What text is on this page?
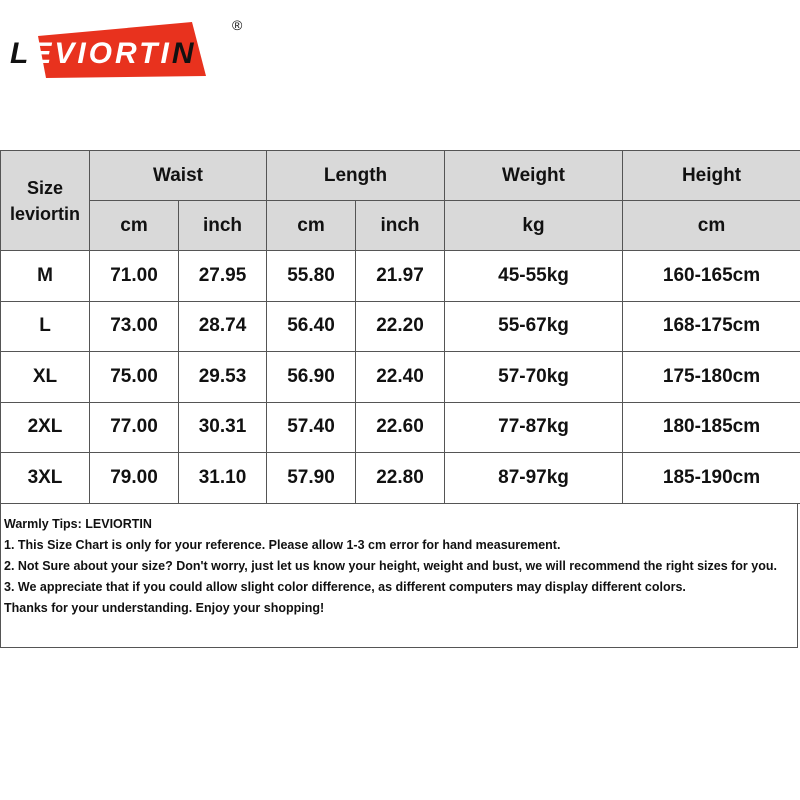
LEVIORTIN
®
Size leviortin	Waist		Length		Weight	Height
	cm	inch	cm	inch	kg	cm
M	71.00	27.95	55.80	21.97	45-55kg	160-165cm
L	73.00	28.74	56.40	22.20	55-67kg	168-175cm
XL	75.00	29.53	56.90	22.40	57-70kg	175-180cm
2XL	77.00	30.31	57.40	22.60	77-87kg	180-185cm
3XL	79.00	31.10	57.90	22.80	87-97kg	185-190cm
Warmly Tips: LEVIORTIN
1. This Size Chart is only for your reference. Please allow 1-3 cm error for hand measurement.
2. Not Sure about your size? Don't worry, just let us know your height, weight and bust, we will recommend the right sizes for you.
3. We appreciate that if you could allow slight color difference, as different computers may display different colors.
Thanks for your understanding. Enjoy your shopping!
